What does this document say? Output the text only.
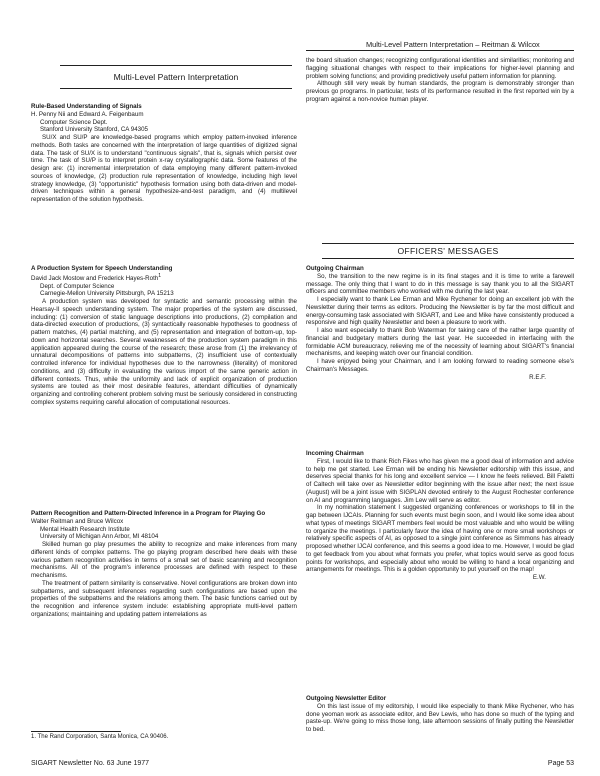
Multi-Level Pattern Interpretation – Reitman & Wilcox
Multi-Level Pattern Interpretation

Rule-Based Understanding of Signals

H. Penny Nii and Edward A. Feigenbaum

Computer Science Dept.

Stanford University Stanford, CA 94305

SU/X and SU/P are knowledge-based programs which employ pattern-invoked inference methods. Both tasks are concerned with the interpretation of large quantities of digitized signal data. The task of SU/X is to understand "continuous signals", that is, signals which persist over time. The task of SU/P is to interpret protein x-ray crystallographic data. Some features of the design are: (1) incremental interpretation of data employing many different pattern-invoked sources of knowledge, (2) production rule representation of knowledge, including high level strategy knowledge, (3) "opportunistic" hypothesis formation using both data-driven and model-driven techniques within a general hypothesize-and-test paradigm, and (4) multilevel representation of the solution hypothesis.

A Production System for Speech Understanding

David Jack Mostow and Frederick Hayes-Roth$^1$

Dept. of Computer Science

Carnegie-Mellon University Pittsburgh, PA 15213

A production system was developed for syntactic and semantic processing within the Hearsay-II speech understanding system. The major properties of the system are discussed, including: (1) conversion of static language descriptions into productions, (2) compilation and data-directed execution of productions, (3) syntactically reasonable hypotheses to goodness of pattern matches, (4) partial matching, and (5) representation and integration of bottom-up, top-down and horizontal searches. Several weaknesses of the production system paradigm in this application appeared during the course of the research; these arose from (1) the irrelevancy of unnatural decompositions of patterns into subpatterns, (2) insufficient use of contextually controlled inference for individual hypotheses due to the narrowness (literality) of monitored conditions, and (3) difficulty in evaluating the various import of the same generic action in different contexts. Thus, while the uniformity and lack of explicit organization of production systems are touted as their most desirable features, attendant difficulties of dynamically organizing and controlling coherent problem solving must be seriously considered in constructing complex systems requiring careful allocation of computational resources.

Pattern Recognition and Pattern-Directed Inference in a Program for Playing Go

Walter Reitman and Bruce Wilcox

Mental Health Research Institute

University of Michigan Ann Arbor, MI 48104

Skilled human go play presumes the ability to recognize and make inferences from many different kinds of complex patterns. The go playing program described here deals with these various pattern recognition activities in terms of a small set of basic scanning and recognition mechanisms. All of the program's inference processes are defined with respect to these mechanisms.

The treatment of pattern similarity is conservative. Novel configurations are broken down into subpatterns, and subsequent inferences regarding such configurations are based upon the properties of the subpatterns and the relations among them. The basic functions carried out by the recognition and inference system include: establishing appropriate multi-level pattern organizations; maintaining and updating pattern interrelations as

1. The Rand Corporation, Santa Monica, CA 90406.

the board situation changes; recognizing configurational identities and similarities; monitoring and flagging situational changes with respect to their implications for higher-level planning and problem solving functions; and providing predictively useful pattern information for planning.

Although still very weak by human standards, the program is demonstrably stronger than previous go programs. In particular, tests of its performance resulted in the first reported win by a program against a non-novice human player.

OFFICERS' MESSAGES

Outgoing Chairman

So, the transition to the new regime is in its final stages and it is time to write a farewell message. The only thing that I want to do in this message is say thank you to all the SIGART officers and committee members who worked with me during the last year.

I especially want to thank Lee Erman and Mike Rychener for doing an excellent job with the Newsletter during their terms as editors. Producing the Newsletter is by far the most difficult and energy-consuming task associated with SIGART, and Lee and Mike have consistently produced a responsive and high quality Newsletter and been a pleasure to work with.

I also want especially to thank Bob Waterman for taking care of the rather large quantity of financial and budgetary matters during the last year. He succeeded in interfacing with the formidable ACM bureaucracy, relieving me of the necessity of learning about SIGART's financial mechanisms, and keeping watch over our financial condition.

I have enjoyed being your Chairman, and I am looking forward to reading someone else's Chairman's Messages.

R.E.F.

Incoming Chairman

First, I would like to thank Rich Fikes who has given me a good deal of information and advice to help me get started. Lee Erman will be ending his Newsletter editorship with this issue, and deserves special thanks for his long and excellent service — I know he feels relieved. Bill Faletti of Caltech will take over as Newsletter editor beginning with the issue after next; the next issue (August) will be a joint issue with SIGPLAN devoted entirely to the August Rochester conference on AI and programming languages. Jim Lew will serve as editor.

In my nomination statement I suggested organizing conferences or workshops to fill in the gap between IJCAIs. Planning for such events must begin soon, and I would like some idea about what types of meetings SIGART members feel would be most valuable and who would be willing to organize the meetings. I particularly favor the idea of having one or more small workshops or relatively specific aspects of AI, as opposed to a single joint conference as Simmons has already proposed whether IJCAI conference, and this seems a good idea to me. However, I would be glad to get feedback from you about what formats you prefer, what topics would serve as good focus points for workshops, and especially about who would be willing to hand a local organizing and arrangements for meetings. This is a golden opportunity to put yourself on the map!

E.W.

Outgoing Newsletter Editor

On this last issue of my editorship, I would like especially to thank Mike Rychener, who has done yeoman work as associate editor, and Bev Lewis, who has done so much of the typing and paste-up. We're going to miss those long, late afternoon sessions of finally putting the Newsletter to bed.

SIGART Newsletter No. 63 June 1977	Page 53
